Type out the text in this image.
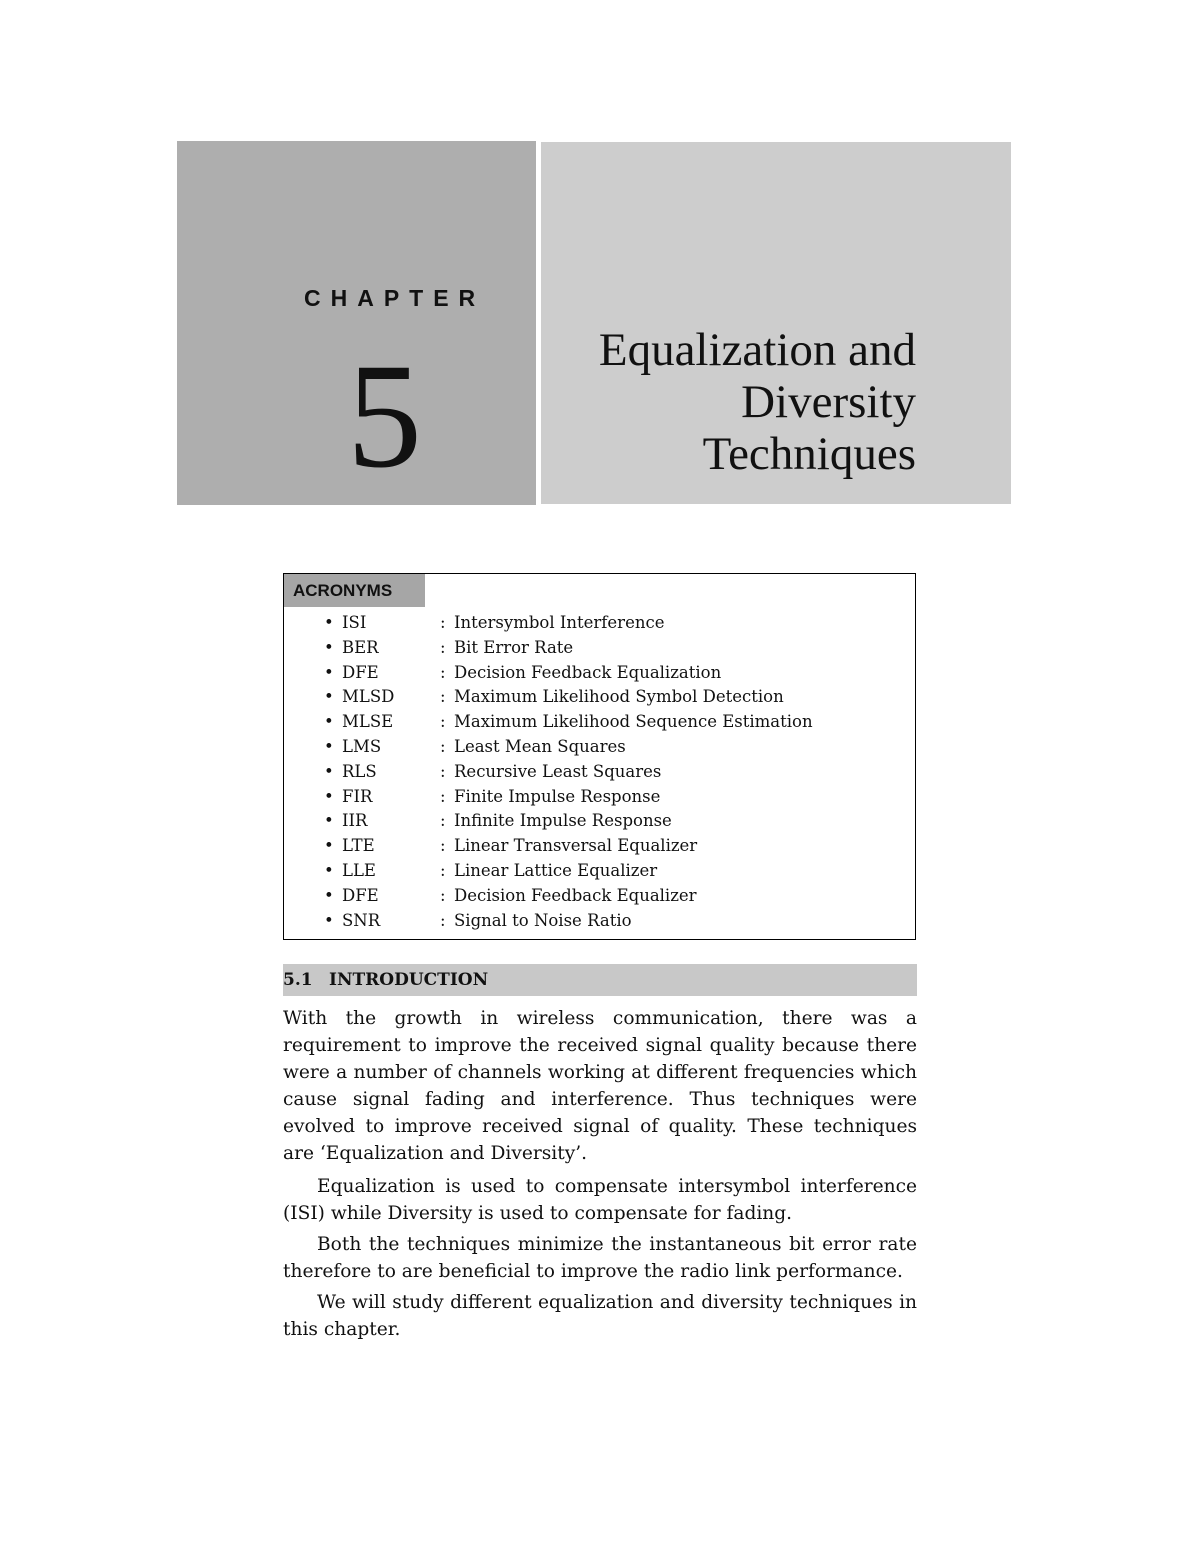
CHAPTER
5	Equalization and
Diversity
Techniques
ACRONYMS
• ISI	: Intersymbol Interference
• BER	: Bit Error Rate
• DFE	: Decision Feedback Equalization
• MLSD	: Maximum Likelihood Symbol Detection
• MLSE	: Maximum Likelihood Sequence Estimation
• LMS	: Least Mean Squares
• RLS	: Recursive Least Squares
• FIR	: Finite Impulse Response
• IIR	: Infinite Impulse Response
• LTE	: Linear Transversal Equalizer
• LLE	: Linear Lattice Equalizer
• DFE	: Decision Feedback Equalizer
• SNR	: Signal to Noise Ratio
5.1 INTRODUCTION

With the growth in wireless communication, there was a requirement to improve the received signal quality because there were a number of channels working at different frequencies which cause signal fading and interference. Thus techniques were evolved to improve received signal of quality. These techniques are ‘Equalization and Diversity’.

Equalization is used to compensate intersymbol interference (ISI) while Diversity is used to compensate for fading.

Both the techniques minimize the instantaneous bit error rate therefore to are beneficial to improve the radio link performance.

We will study different equalization and diversity techniques in this chapter.
